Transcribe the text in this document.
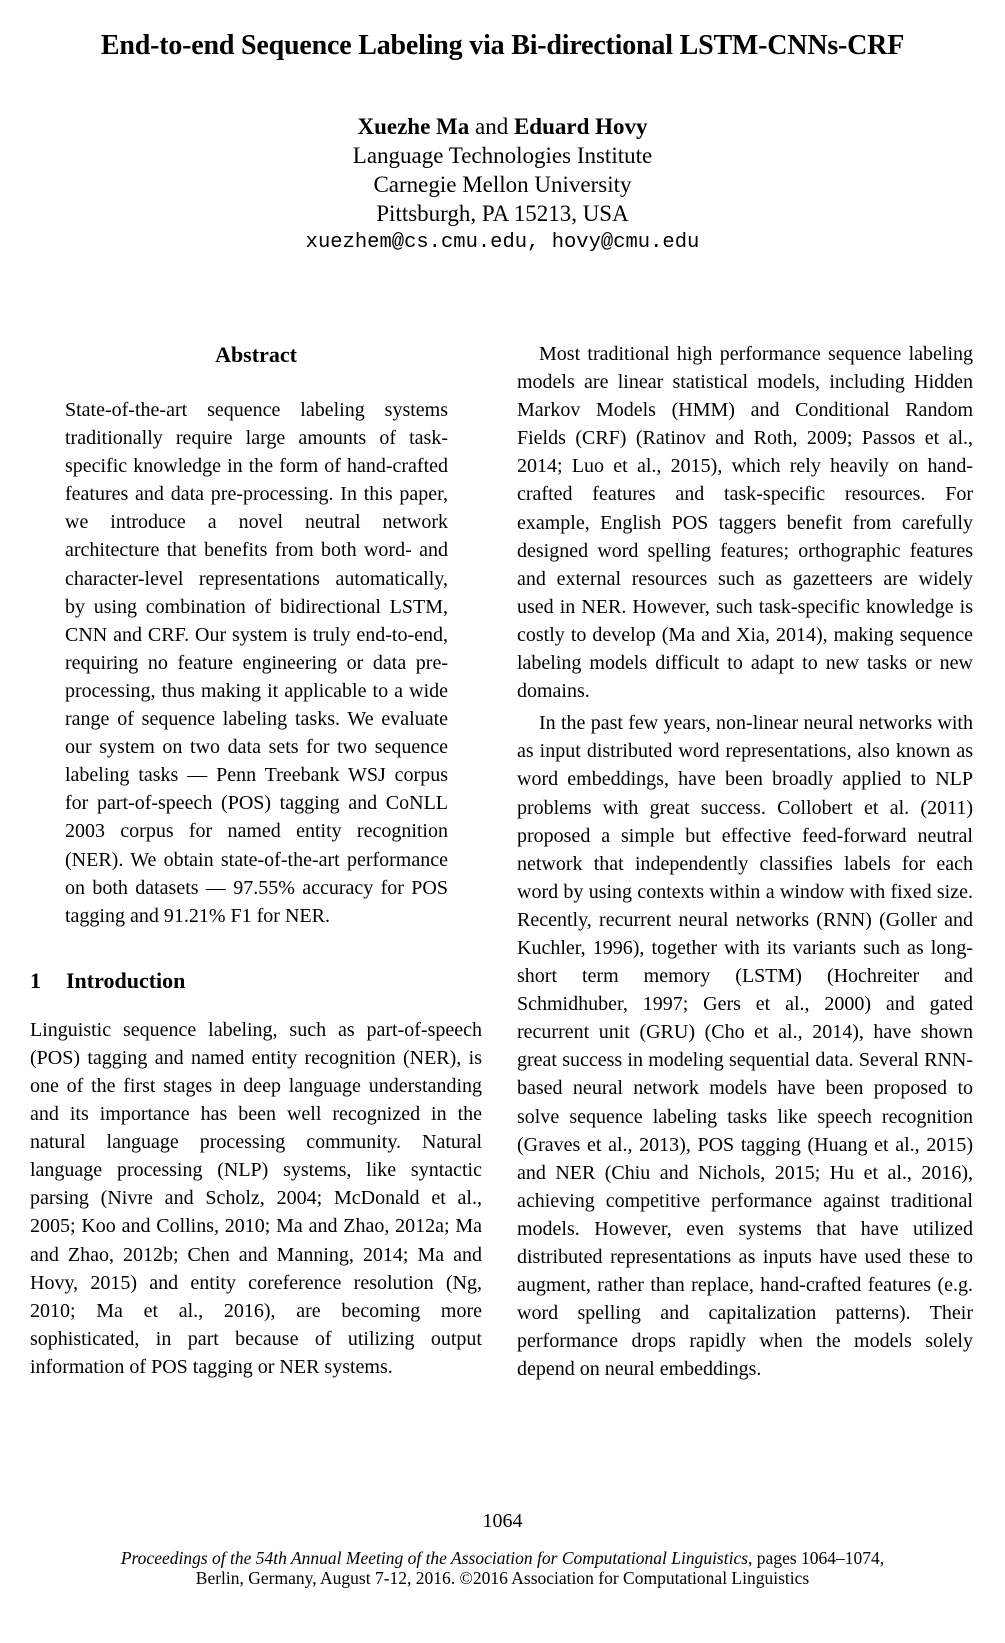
End-to-end Sequence Labeling via Bi-directional LSTM-CNNs-CRF
Xuezhe Ma and Eduard Hovy
Language Technologies Institute
Carnegie Mellon University
Pittsburgh, PA 15213, USA
xuezhem@cs.cmu.edu, hovy@cmu.edu
Abstract

State-of-the-art sequence labeling systems traditionally require large amounts of task-specific knowledge in the form of hand-crafted features and data pre-processing. In this paper, we introduce a novel neutral network architecture that benefits from both word- and character-level representations automatically, by using combination of bidirectional LSTM, CNN and CRF. Our system is truly end-to-end, requiring no feature engineering or data pre-processing, thus making it applicable to a wide range of sequence labeling tasks. We evaluate our system on two data sets for two sequence labeling tasks — Penn Treebank WSJ corpus for part-of-speech (POS) tagging and CoNLL 2003 corpus for named entity recognition (NER). We obtain state-of-the-art performance on both datasets — 97.55% accuracy for POS tagging and 91.21% F1 for NER.

1 Introduction

Linguistic sequence labeling, such as part-of-speech (POS) tagging and named entity recognition (NER), is one of the first stages in deep language understanding and its importance has been well recognized in the natural language processing community. Natural language processing (NLP) systems, like syntactic parsing (Nivre and Scholz, 2004; McDonald et al., 2005; Koo and Collins, 2010; Ma and Zhao, 2012a; Ma and Zhao, 2012b; Chen and Manning, 2014; Ma and Hovy, 2015) and entity coreference resolution (Ng, 2010; Ma et al., 2016), are becoming more sophisticated, in part because of utilizing output information of POS tagging or NER systems.

Most traditional high performance sequence labeling models are linear statistical models, including Hidden Markov Models (HMM) and Conditional Random Fields (CRF) (Ratinov and Roth, 2009; Passos et al., 2014; Luo et al., 2015), which rely heavily on hand-crafted features and task-specific resources. For example, English POS taggers benefit from carefully designed word spelling features; orthographic features and external resources such as gazetteers are widely used in NER. However, such task-specific knowledge is costly to develop (Ma and Xia, 2014), making sequence labeling models difficult to adapt to new tasks or new domains.

In the past few years, non-linear neural networks with as input distributed word representations, also known as word embeddings, have been broadly applied to NLP problems with great success. Collobert et al. (2011) proposed a simple but effective feed-forward neutral network that independently classifies labels for each word by using contexts within a window with fixed size. Recently, recurrent neural networks (RNN) (Goller and Kuchler, 1996), together with its variants such as long-short term memory (LSTM) (Hochreiter and Schmidhuber, 1997; Gers et al., 2000) and gated recurrent unit (GRU) (Cho et al., 2014), have shown great success in modeling sequential data. Several RNN-based neural network models have been proposed to solve sequence labeling tasks like speech recognition (Graves et al., 2013), POS tagging (Huang et al., 2015) and NER (Chiu and Nichols, 2015; Hu et al., 2016), achieving competitive performance against traditional models. However, even systems that have utilized distributed representations as inputs have used these to augment, rather than replace, hand-crafted features (e.g. word spelling and capitalization patterns). Their performance drops rapidly when the models solely depend on neural embeddings.

1064
Proceedings of the 54th Annual Meeting of the Association for Computational Linguistics, pages 1064–1074,
Berlin, Germany, August 7-12, 2016. ©2016 Association for Computational Linguistics
